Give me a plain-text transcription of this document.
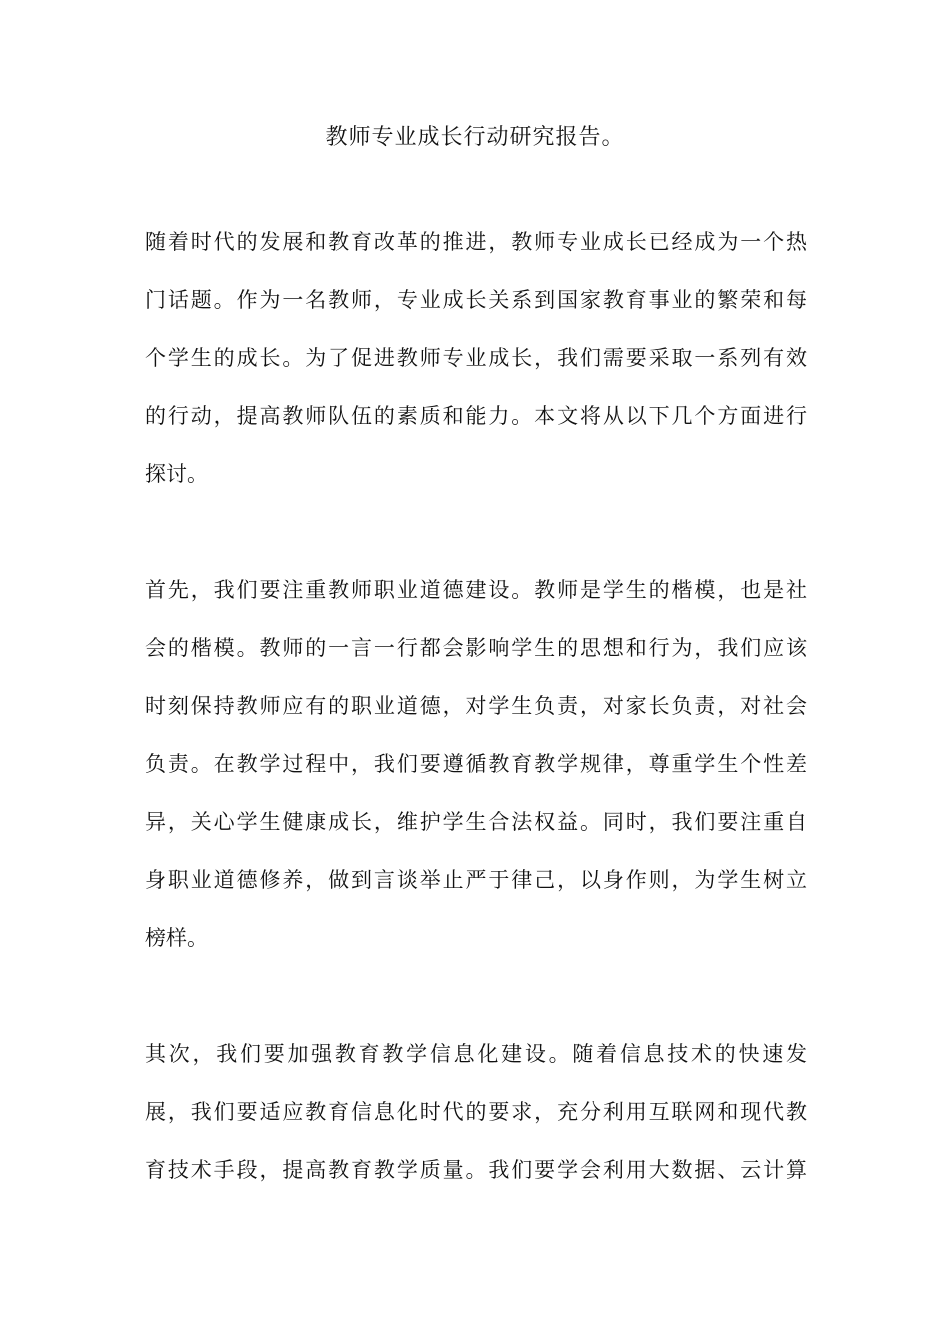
教师专业成长行动研究报告。
随着时代的发展和教育改革的推进，教师专业成长已经成为一个热
门话题。作为一名教师，专业成长关系到国家教育事业的繁荣和每
个学生的成长。为了促进教师专业成长，我们需要采取一系列有效
的行动，提高教师队伍的素质和能力。本文将从以下几个方面进行
探讨。
首先，我们要注重教师职业道德建设。教师是学生的楷模，也是社
会的楷模。教师的一言一行都会影响学生的思想和行为，我们应该
时刻保持教师应有的职业道德，对学生负责，对家长负责，对社会
负责。在教学过程中，我们要遵循教育教学规律，尊重学生个性差
异，关心学生健康成长，维护学生合法权益。同时，我们要注重自
身职业道德修养，做到言谈举止严于律己，以身作则，为学生树立
榜样。
其次，我们要加强教育教学信息化建设。随着信息技术的快速发
展，我们要适应教育信息化时代的要求，充分利用互联网和现代教
育技术手段，提高教育教学质量。我们要学会利用大数据、云计算
